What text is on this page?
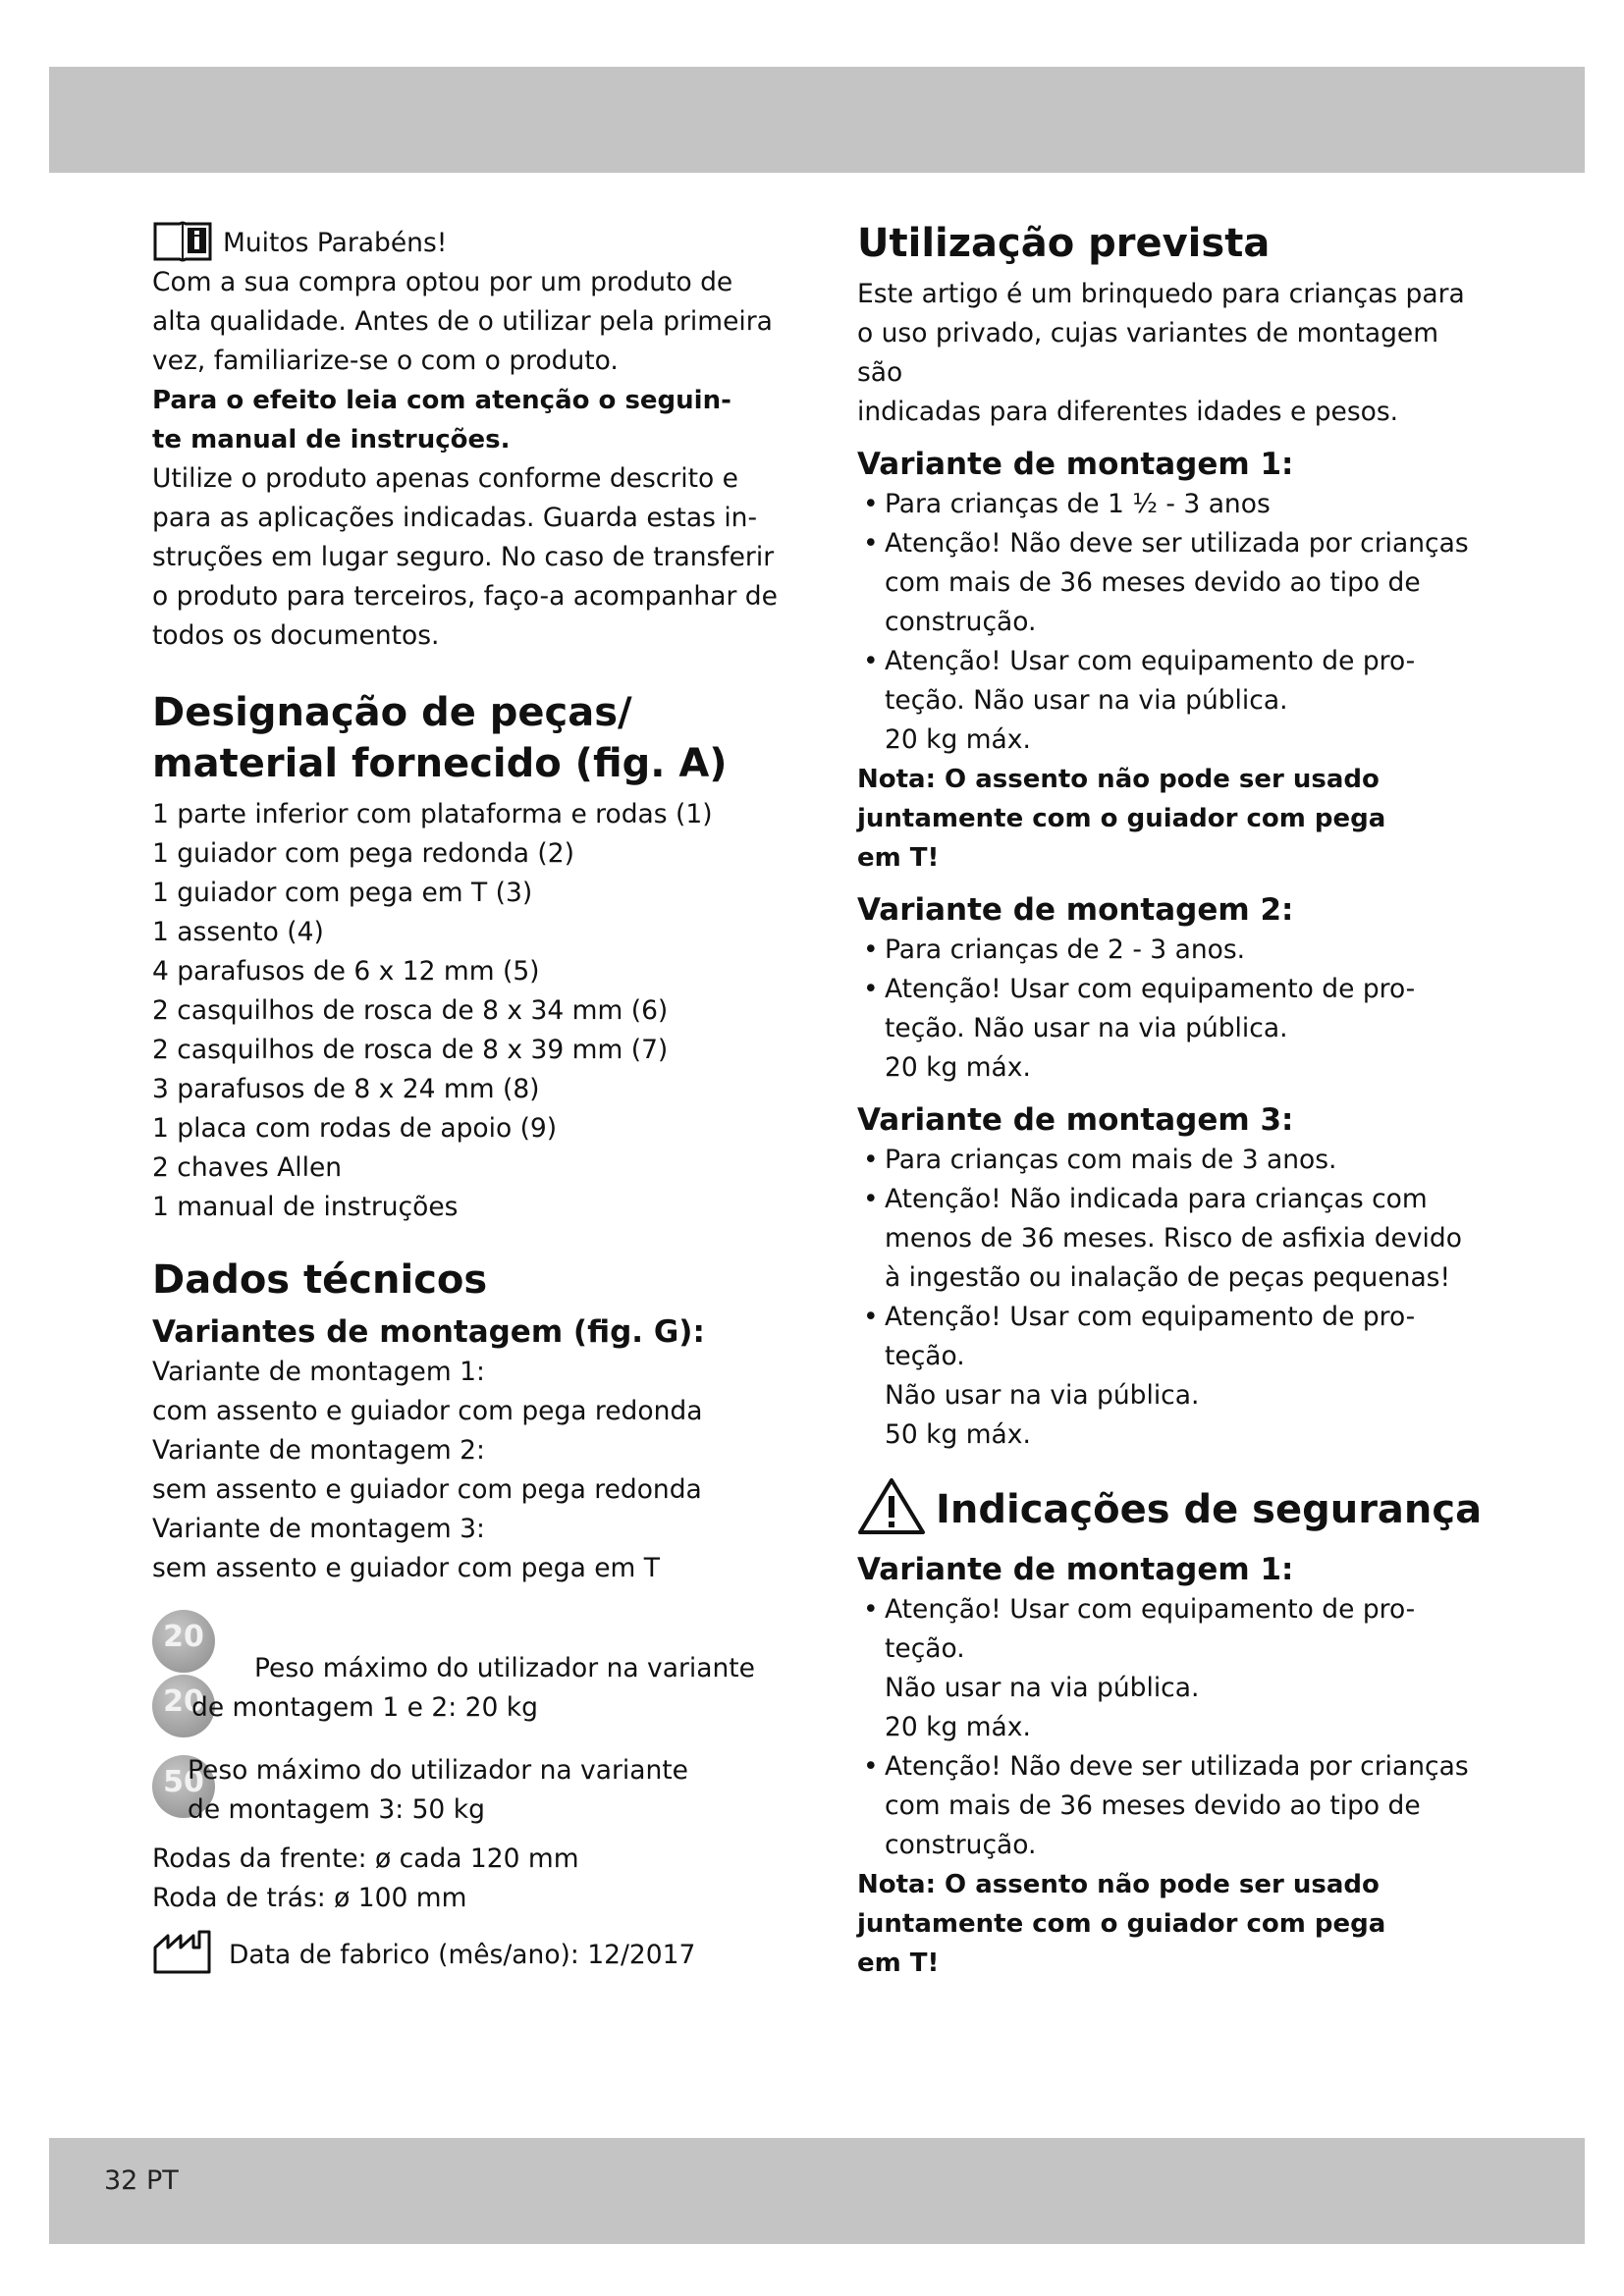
Muitos Parabéns!

Com a sua compra optou por um produto de

alta qualidade. Antes de o utilizar pela primeira

vez, familiarize-se o com o produto.

Para o efeito leia com atenção o seguin-

te manual de instruções.

Utilize o produto apenas conforme descrito e

para as aplicações indicadas. Guarda estas in-

struções em lugar seguro. No caso de transferir

o produto para terceiros, faço-a acompanhar de

todos os documentos.

Designação de peças/

material fornecido (fig. A)

1 parte inferior com plataforma e rodas (1)

1 guiador com pega redonda (2)

1 guiador com pega em T (3)

1 assento (4)

4 parafusos de 6 x 12 mm (5)

2 casquilhos de rosca de 8 x 34 mm (6)

2 casquilhos de rosca de 8 x 39 mm (7)

3 parafusos de 8 x 24 mm (8)

1 placa com rodas de apoio (9)

2 chaves Allen

1 manual de instruções

Dados técnicos

Variantes de montagem (fig. G):

Variante de montagem 1:

com assento e guiador com pega redonda

Variante de montagem 2:

sem assento e guiador com pega redonda

Variante de montagem 3:

sem assento e guiador com pega em T

20
20

Peso máximo do utilizador na variante

de montagem 1 e 2: 20 kg

50

Peso máximo do utilizador na variante

de montagem 3: 50 kg

Rodas da frente: ø cada 120 mm

Roda de trás: ø 100 mm

Data de fabrico (mês/ano): 12/2017

Utilização prevista

Este artigo é um brinquedo para crianças para

o uso privado, cujas variantes de montagem são

indicadas para diferentes idades e pesos.

Variante de montagem 1:

• Para crianças de 1 ½ - 3 anos
• Atenção! Não deve ser utilizada por crianças

com mais de 36 meses devido ao tipo de

construção.

• Atenção! Usar com equipamento de pro-

teção. Não usar na via pública.

20 kg máx.

Nota: O assento não pode ser usado

juntamente com o guiador com pega

em T!

Variante de montagem 2:

• Para crianças de 2 - 3 anos.
• Atenção! Usar com equipamento de pro-

teção. Não usar na via pública.

20 kg máx.

Variante de montagem 3:

• Para crianças com mais de 3 anos.
• Atenção! Não indicada para crianças com

menos de 36 meses. Risco de asfixia devido

à ingestão ou inalação de peças pequenas!

• Atenção! Usar com equipamento de pro-

teção.

Não usar na via pública.

50 kg máx.

Indicações de segurança

Variante de montagem 1:

• Atenção! Usar com equipamento de pro-

teção.

Não usar na via pública.

20 kg máx.

• Atenção! Não deve ser utilizada por crianças

com mais de 36 meses devido ao tipo de

construção.

Nota: O assento não pode ser usado

juntamente com o guiador com pega

em T!

32 PT
